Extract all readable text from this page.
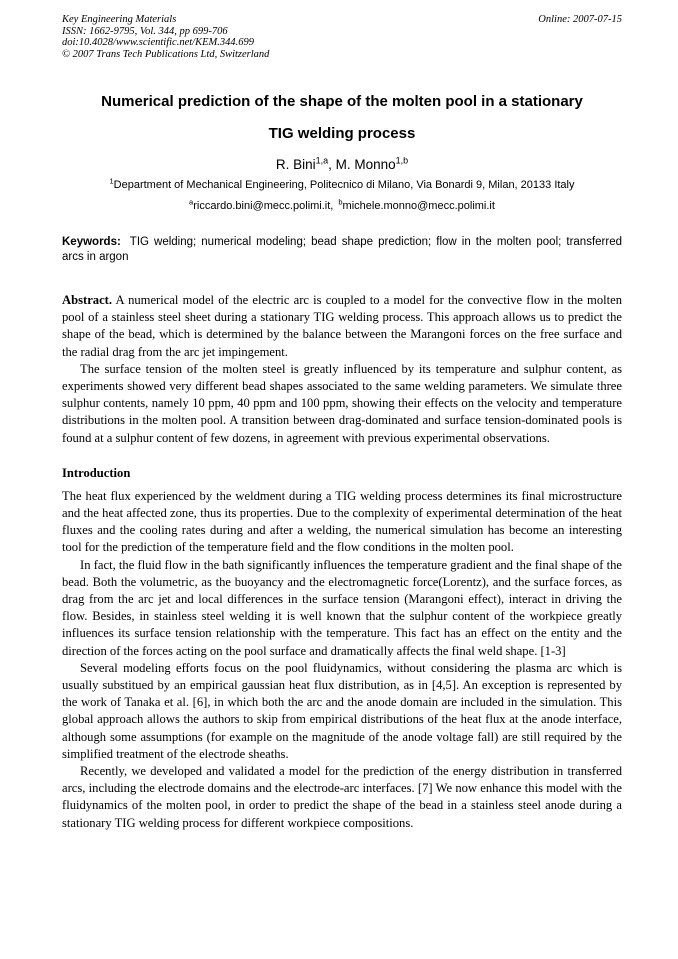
Key Engineering Materials
ISSN: 1662-9795, Vol. 344, pp 699-706
doi:10.4028/www.scientific.net/KEM.344.699
© 2007 Trans Tech Publications Ltd, Switzerland
Online: 2007-07-15
Numerical prediction of the shape of the molten pool in a stationary
TIG welding process
R. Bini$^{1,a}$, M. Monno$^{1,b}$
$^1$Department of Mechanical Engineering, Politecnico di Milano, Via Bonardi 9, Milan, 20133 Italy
$^a$riccardo.bini@mecc.polimi.it, $^b$michele.monno@mecc.polimi.it
Keywords: TIG welding; numerical modeling; bead shape prediction; flow in the molten pool; transferred arcs in argon

Abstract. A numerical model of the electric arc is coupled to a model for the convective flow in the molten pool of a stainless steel sheet during a stationary TIG welding process. This approach allows us to predict the shape of the bead, which is determined by the balance between the Marangoni forces on the free surface and the radial drag from the arc jet impingement.

The surface tension of the molten steel is greatly influenced by its temperature and sulphur content, as experiments showed very different bead shapes associated to the same welding parameters. We simulate three sulphur contents, namely 10 ppm, 40 ppm and 100 ppm, showing their effects on the velocity and temperature distributions in the molten pool. A transition between drag-dominated and surface tension-dominated pools is found at a sulphur content of few dozens, in agreement with previous experimental observations.

Introduction

The heat flux experienced by the weldment during a TIG welding process determines its final microstructure and the heat affected zone, thus its properties. Due to the complexity of experimental determination of the heat fluxes and the cooling rates during and after a welding, the numerical simulation has become an interesting tool for the prediction of the temperature field and the flow conditions in the molten pool.

In fact, the fluid flow in the bath significantly influences the temperature gradient and the final shape of the bead. Both the volumetric, as the buoyancy and the electromagnetic force(Lorentz), and the surface forces, as drag from the arc jet and local differences in the surface tension (Marangoni effect), interact in driving the flow. Besides, in stainless steel welding it is well known that the sulphur content of the workpiece greatly influences its surface tension relationship with the temperature. This fact has an effect on the entity and the direction of the forces acting on the pool surface and dramatically affects the final weld shape. [1-3]

Several modeling efforts focus on the pool fluidynamics, without considering the plasma arc which is usually substitued by an empirical gaussian heat flux distribution, as in [4,5]. An exception is represented by the work of Tanaka et al. [6], in which both the arc and the anode domain are included in the simulation. This global approach allows the authors to skip from empirical distributions of the heat flux at the anode interface, although some assumptions (for example on the magnitude of the anode voltage fall) are still required by the simplified treatment of the electrode sheaths.

Recently, we developed and validated a model for the prediction of the energy distribution in transferred arcs, including the electrode domains and the electrode-arc interfaces. [7] We now enhance this model with the fluidynamics of the molten pool, in order to predict the shape of the bead in a stainless steel anode during a stationary TIG welding process for different workpiece compositions.
